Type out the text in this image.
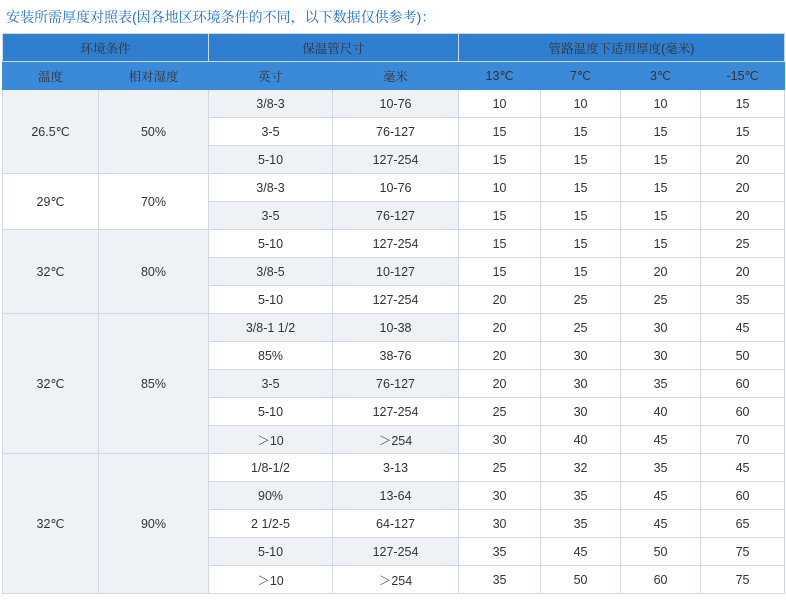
安装所需厚度对照表(因各地区环境条件的不同，以下数据仅供参考)：
环境条件		保温管尺寸		管路温度下适用厚度(毫米)			
温度	相对湿度	英寸	毫米	13℃	7℃	3℃	-15℃
26.5℃	50%	3/8-3	10-76	10	10	10	15
		3-5	76-127	15	15	15	15
		5-10	127-254	15	15	15	20
29℃	70%	3/8-3	10-76	10	15	15	20
		3-5	76-127	15	15	15	20
32℃	80%	5-10	127-254	15	15	15	25
		3/8-5	10-127	15	15	20	20
		5-10	127-254	20	25	25	35
32℃	85%	3/8-1 1/2	10-38	20	25	30	45
		85%	38-76	20	30	30	50
		3-5	76-127	20	30	35	60
		5-10	127-254	25	30	40	60
		＞10	＞254	30	40	45	70
32℃	90%	1/8-1/2	3-13	25	32	35	45
		90%	13-64	30	35	45	60
		2 1/2-5	64-127	30	35	45	65
		5-10	127-254	35	45	50	75
		＞10	＞254	35	50	60	75
